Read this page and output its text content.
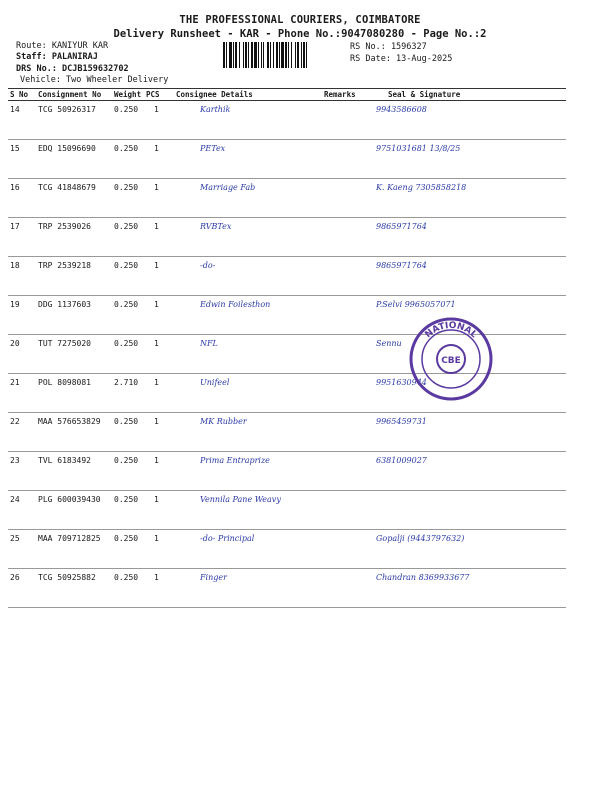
THE PROFESSIONAL COURIERS, COIMBATORE
Delivery Runsheet - KAR - Phone No.:9047080280 - Page No.:2
Route: KANIYUR KAR
Staff: PALANIRAJ
DRS No.: DCJB159632702
Vehicle: Two Wheeler Delivery
RS No.: 1596327
RS Date: 13-Aug-2025
S No	Consignment No	Weight	PCS	Consignee Details	Remarks	Seal & Signature
14	TCG 50926317	0.250	1	Karthik		9943586608
15	EDQ 15096690	0.250	1	PETex		9751031681 13/8/25
16	TCG 41848679	0.250	1	Marriage Fab		K. Kaeng 7305858218
17	TRP 2539026	0.250	1	RVBTex		9865971764
18	TRP 2539218	0.250	1	-do-		9865971764
19	DDG 1137603	0.250	1	Edwin Foilesthon		P.Selvi 9965057071
20	TUT 7275020	0.250	1	NFL		Sennu
21	POL 8098081	2.710	1	Unifeel		9951630944
22	MAA 576653829	0.250	1	MK Rubber		9965459731
23	TVL 6183492	0.250	1	Prima Entraprize		6381009027
24	PLG 600039430	0.250	1	Vennila Pane Weavy		
25	MAA 709712825	0.250	1	-do- Principal		Gopalji (9443797632)
26	TCG 50925882	0.250	1	Finger		Chandran 8369933677
NATIONAL
CBE
